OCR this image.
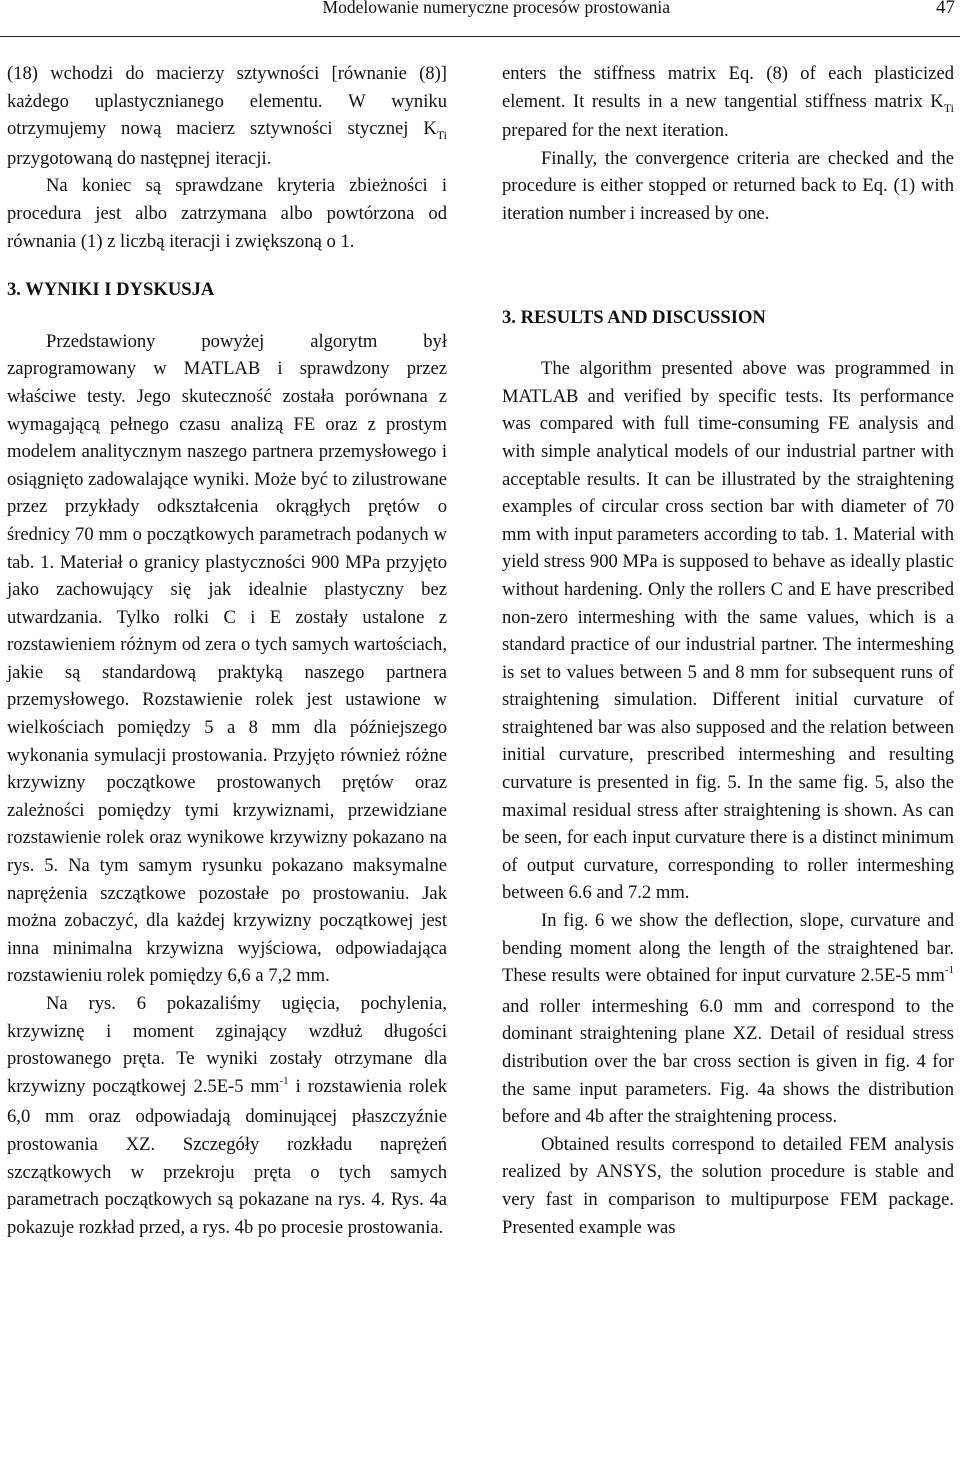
Modelowanie numeryczne procesów prostowania	47

(18) wchodzi do macierzy sztywności [równanie (8)] każdego uplastycznianego elementu. W wyniku otrzymujemy nową macierz sztywności stycznej $K_{Ti}$ przygotowaną do następnej iteracji.

Na koniec są sprawdzane kryteria zbieżności i procedura jest albo zatrzymana albo powtórzona od równania (1) z liczbą iteracji i zwiększoną o 1.

3. WYNIKI I DYSKUSJA

Przedstawiony powyżej algorytm był zaprogramowany w MATLAB i sprawdzony przez właściwe testy. Jego skuteczność została porównana z wymagającą pełnego czasu analizą FE oraz z prostym modelem analitycznym naszego partnera przemysłowego i osiągnięto zadowalające wyniki. Może być to zilustrowane przez przykłady odkształcenia okrągłych prętów o średnicy 70 mm o początkowych parametrach podanych w tab. 1. Materiał o granicy plastyczności 900 MPa przyjęto jako zachowujący się jak idealnie plastyczny bez utwardzania. Tylko rolki C i E zostały ustalone z rozstawieniem różnym od zera o tych samych wartościach, jakie są standardową praktyką naszego partnera przemysłowego. Rozstawienie rolek jest ustawione w wielkościach pomiędzy 5 a 8 mm dla późniejszego wykonania symulacji prostowania. Przyjęto również różne krzywizny początkowe prostowanych prętów oraz zależności pomiędzy tymi krzywiznami, przewidziane rozstawienie rolek oraz wynikowe krzywizny pokazano na rys. 5. Na tym samym rysunku pokazano maksymalne naprężenia szczątkowe pozostałe po prostowaniu. Jak można zobaczyć, dla każdej krzywizny początkowej jest inna minimalna krzywizna wyjściowa, odpowiadająca rozstawieniu rolek pomiędzy 6,6 a 7,2 mm.

Na rys. 6 pokazaliśmy ugięcia, pochylenia, krzywiznę i moment zginający wzdłuż długości prostowanego pręta. Te wyniki zostały otrzymane dla krzywizny początkowej 2.5E-5 $mm^{-1}$ i rozstawienia rolek 6,0 mm oraz odpowiadają dominującej płaszczyźnie prostowania XZ. Szczegóły rozkładu naprężeń szczątkowych w przekroju pręta o tych samych parametrach początkowych są pokazane na rys. 4. Rys. 4a pokazuje rozkład przed, a rys. 4b po procesie prostowania.

enters the stiffness matrix Eq. (8) of each plasticized element. It results in a new tangential stiffness matrix $K_{Ti}$ prepared for the next iteration.

Finally, the convergence criteria are checked and the procedure is either stopped or returned back to Eq. (1) with iteration number i increased by one.

3. RESULTS AND DISCUSSION

The algorithm presented above was programmed in MATLAB and verified by specific tests. Its performance was compared with full time-consuming FE analysis and with simple analytical models of our industrial partner with acceptable results. It can be illustrated by the straightening examples of circular cross section bar with diameter of 70 mm with input parameters according to tab. 1. Material with yield stress 900 MPa is supposed to behave as ideally plastic without hardening. Only the rollers C and E have prescribed non-zero intermeshing with the same values, which is a standard practice of our industrial partner. The intermeshing is set to values between 5 and 8 mm for subsequent runs of straightening simulation. Different initial curvature of straightened bar was also supposed and the relation between initial curvature, prescribed intermeshing and resulting curvature is presented in fig. 5. In the same fig. 5, also the maximal residual stress after straightening is shown. As can be seen, for each input curvature there is a distinct minimum of output curvature, corresponding to roller intermeshing between 6.6 and 7.2 mm.

In fig. 6 we show the deflection, slope, curvature and bending moment along the length of the straightened bar. These results were obtained for input curvature 2.5E-5 $mm^{-1}$ and roller intermeshing 6.0 mm and correspond to the dominant straightening plane XZ. Detail of residual stress distribution over the bar cross section is given in fig. 4 for the same input parameters. Fig. 4a shows the distribution before and 4b after the straightening process.

Obtained results correspond to detailed FEM analysis realized by ANSYS, the solution procedure is stable and very fast in comparison to multipurpose FEM package. Presented example was
